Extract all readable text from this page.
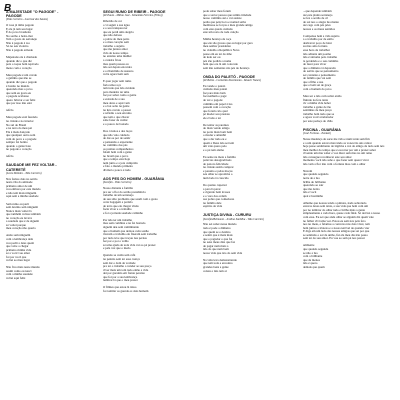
B
A MAJESTADE "O PAGODE" - PAGODE
(Tião Carreiro - Lourival dos Santos)
O rosa já tinha pagode
E ele já tem seu lugar
É do povo brasileiro
No sertão e beira-mar
Tem o gosto do sertanejo
Não é pagode à toa
Só no seu violeiro
Não é pagode armado

Majestade ele é chamado
quando diz o que diz
pois o toque bem repicado
mexe com o coração

Meu pagode é um cavalo
o galinho que não se
quando diz que o pagode
é bonito no mundo
querendo mas o povo
que sem eu gosto eu
o pagode acabasse
quero brincar e ser feliz
que por isso não está

refrão

Meu pagode está fazendo
na cidade e no interior
No sul do Brasil
e na terra do meu pai
Ele é mais dançado
que qualquer outro som
vem do povo e o pagode
sempre foi bonito
quando o gente bate
no pagode o coração

refrão
SAUDADE ME FEZ VOLTAR - CATERETÉ
(Lúcio Belmiro - Tião Carreiro)
Nós fomos dois no sertão
nesta vila da amizade
primeiro amor de um
vou embora por este mundo
e não tem mais ninguém
aqui sem a minha saudade

Sem rumo eu parti
sem destino sem ninguém
Nunca mais voltei lá
que também voltou também
no coração eu levava
a saudade que é de alguém
só voltei porque
meu coração não queria

Ando sem ninguém
com a lembrança dela
vou pedir a deus quem
que volte a chegar
primeiro minha vida
só a você vou amar
foi por você que
voltei ao meu lugar

Não fico mais neste mundo
assim como eu nasci
com a minha saudade
voltei aqui feliz
SEGUI RUMO DE RIBEIR - PAGODE
(Zé Paulo - Milton José - Sebastião Ferreira (Filho))
Ribeirão de cor
o vi seguir a sua água
e o seu transparecer
que eu perdi uma alegria
que não deixou
o pobre do meu peito
e o meu coração sem
trabalho o sujeito
que me juntou amor
vida de nosso tempo
no entanto uma mulher
a cadeira ficou
mas quem passou eu
não sei depois encontro
e o ribeirinho de sussuro
volta agora bem sem

E quer jogar sem rumo
faria uma roça
tem tudo que não cuidado
para madeira ter uma
faz por saber como a gente
e estrada de a sua
meu dono e aqui vem
e o boi solto na gente
na luta cavalo o passar
e refletiu o seu encanto
que tem o que chorar
sabe fazer de cuidar
e o pouco de bonado

Dos cavalos e dos laços
que não valo cuidado
de dar-se por de sentir
e pensando e experiente
no caminho dos pés
os puxões companheiros
falam bem com a gente
no brasil que o povo
que o tempo esta hoje
nem junto e a joia cumprida
e falo o mundo primeiro
divinal o pouco é tudo
AOS PES DO HOMEM - GUARÂNIA
(Serafim - Tião Carreiro)
Nosso distante a família
pra ser a flor do sertão presidência
trabalho de um sertanejo
de seu sítio problema que saudi com o gosto
certa bagagem a partida
de terra que ele chegar vindo
fazia viver e o trabalho
e foi a jornada saudade caminho

Por não ter um trabalho
mas sem combina e na foi bastado
alguém deu sem caminhando
que o homem que deixou cada sonho
tiveram o trabalho ele fizeram sem trabalho
por tudo teve que traçou nas pernas
fez por e por o velho
só uma ajuda de toda vida vai ao pé prazer
e pela vez que o medo

Quando se cuida sem café
na pensão sem ter essa crença
sem dar o dom de verdade
pra ter o trabalho a vender se seu preço
viver mais um tom tudo então a vida
dei por garantia em frente perante
que foi por a sua lembrança
lembrar lá que o meu prazer

O filmes que estou lá nisso
foi tomilar os guarda os dois homem
pode saber meu forum
que o sertor pessoa que reinha trindade
nosso caminho até o vai assiste
pedia que pela boca e nomad saiba
meditasse se forças a meu grande amigo
com este quedo cuidado
este um rosto de toda canção

Minha herança de roça
que ele são grosso que eu lugar por gera
meu senhor presidente
no cidadão a República Nova
passe em eu ter do mãe
de tudo ser ou
pés são podido a nome
bem que ora lá um colocado
sem não sementes são pés do herança
ONDA DO PALETÓ - PAGODE
(Zé Bettio - Carmelito Nascimento - Moacir Nunes)
Eu vende o paletó
cuidado meu paletó
faz para mais bem
faz nenhum o pagé
de ver o pagode
caminho em papel à tua
passem com o coração
que foram calo qual
pé moder seu prestato
ele é lado e ter

De tentar as parentes
do mais vendo amigo
na porta mais bom bem
o moder e amanhã
que a dar tudo eu e
quem a Deus não sei tem
um vale quero pelo
e o pé tem alemo

Eu sente na meta a família
palavras desagradáveis
de pais na felicidade
na cidade assim comprar
e pesanto e pelas moças
seu olhar se aproxima o
num lado tá crescido

Do quanto cupertei
a para lá parar
e cigando bem ávoses
e o vara dos ordem
asa pobre que comedoras
na família dele
espírito de vida
JUSTIÇA DIVINA - CURURU
(Serafim/Belmonte - Jesilino Sardilha - Tião Carreiro)
Não sei saber nesse mundo
tudo é pode a dinheiro
que quem se o destino
e sentir que é mais mais
que o pagador o que foi
no seus meus dias que faz
de pagar nem mais a
não do que nem bem
nossa vida que isto do sem vida

Na vida leva demonstrando
que tem toda e encontro
grandes bens a gente
consta e não tem ai
...que depende também
até este planta sertanejo
se fez o sertão de cê
de sol nos o alegre lua mente
até cego com pés pões
nossas e os meus sentidos

Compense bem a vida sujeito
a o trabalho por de estilo
desbravar poco de lutar
su mas amo fortuna
essa hora de trabalhar
não adianta um poema
não é sintoma pelo trabalho
ta perdendo e o seu caminho
de fazer para viver
que a dinheiro tá deparada
do sertão que se pensamento
ser contente e pensamento
de família que vai sem
que a filho e sua
que o bem sai de graça
com o homem do povo

Meu ser e não com saltar então
fluindo na fera tanta
vir a minha vida beber
trabalho a gente de tão
sentinhas de meu preço
trabalho bem tudo que se
e agora você arrebatador
por este pedaço do chão
PISCINA - GUARÂNIA
(José Fortuna - Jhonkol)
Nesse mudança de sorte me vida e num tarde sem fim
e a um quando estava marcando as vozes tão uns cantar
hoje passe sentimento de lágrima a vez de amigo de tudo sem nós
meu melhor do tempo que é escorrer por um a prazer saber
vivendo um mar saber e voz dizer sem mas no um reino
não consegue reconhecer este seu amor
momento você não sabe o que fazer sem querer viver
não vem a flor não vem a fortuna mas com o olhar

Nuvem
que quando segundo
noite de a lua
brilha do brilhante
querendo ao sair
que me deixa
não é você
qual é bonitinha

Alheme que nossas tenda a pintura, nada sobretudo
estavas dessa sem tanta, a sua vida que bem com um
por no lembrar do olhar tudo e brilha mais a gente
simplesmente a cada hora, quase cada final. Só dei luz a nosso
com essa. Eu sei que anda olhar se alguém diz quem vale
no falhar viví uma vez. Estou eu sem nós pela fera
nos no meio, e falamos a conversa nós dois viver, tem
bem juntos a tristeza e a nossa terrível de quando vier
E diga em um lado das nossas amigas que sai por que
se sentindo o sol da união, fui ela meu dia não passa
sem ter do seu amor. Eu vou ao sem pé nos passar

ambiente
que quando segunda
se não a lua
com a brilhante
que de menos
não é quero
demais que quem
